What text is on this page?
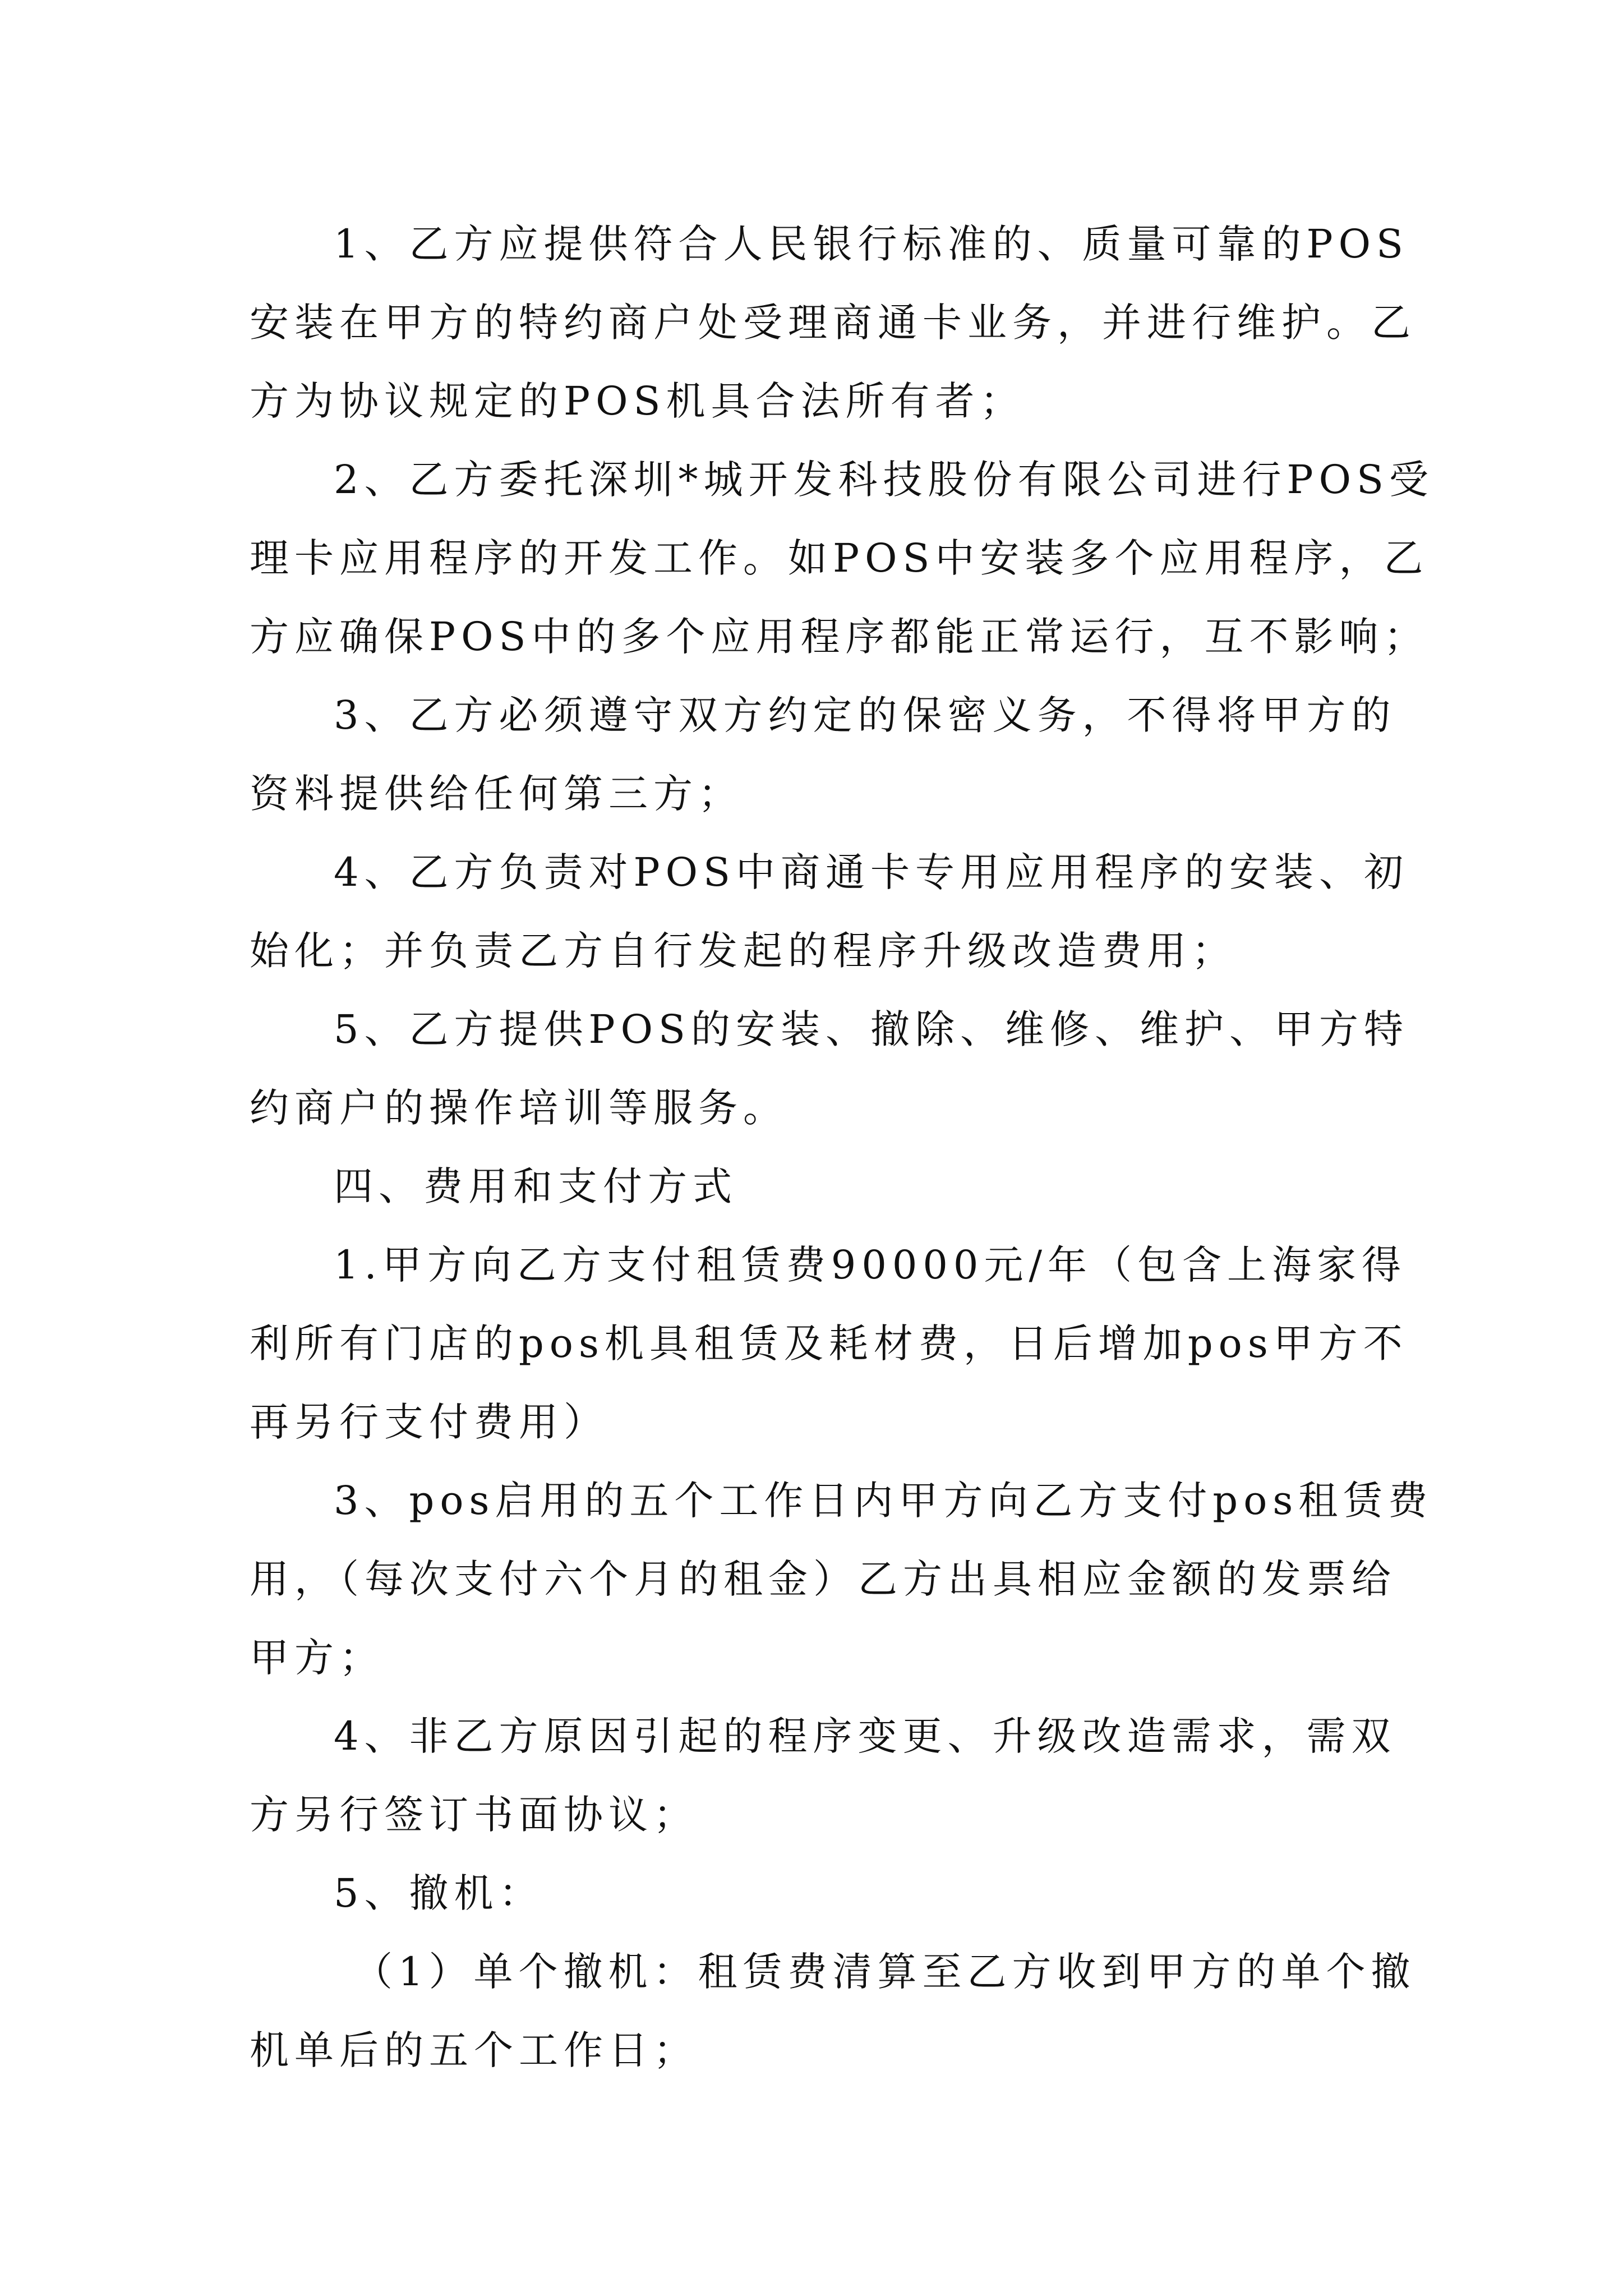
1、乙方应提供符合人民银行标准的、质量可靠的POS
安装在甲方的特约商户处受理商通卡业务，并进行维护。乙
方为协议规定的POS机具合法所有者；
2、乙方委托深圳*城开发科技股份有限公司进行POS受
理卡应用程序的开发工作。如POS中安装多个应用程序，乙
方应确保POS中的多个应用程序都能正常运行，互不影响；
3、乙方必须遵守双方约定的保密义务，不得将甲方的
资料提供给任何第三方；
4、乙方负责对POS中商通卡专用应用程序的安装、初
始化；并负责乙方自行发起的程序升级改造费用；
5、乙方提供POS的安装、撤除、维修、维护、甲方特
约商户的操作培训等服务。
四、费用和支付方式
1.甲方向乙方支付租赁费90000元/年（包含上海家得
利所有门店的pos机具租赁及耗材费，日后增加pos甲方不
再另行支付费用）
3、pos启用的五个工作日内甲方向乙方支付pos租赁费
用，（每次支付六个月的租金）乙方出具相应金额的发票给
甲方；
4、非乙方原因引起的程序变更、升级改造需求，需双
方另行签订书面协议；
5、撤机：
（1）单个撤机：租赁费清算至乙方收到甲方的单个撤
机单后的五个工作日；
